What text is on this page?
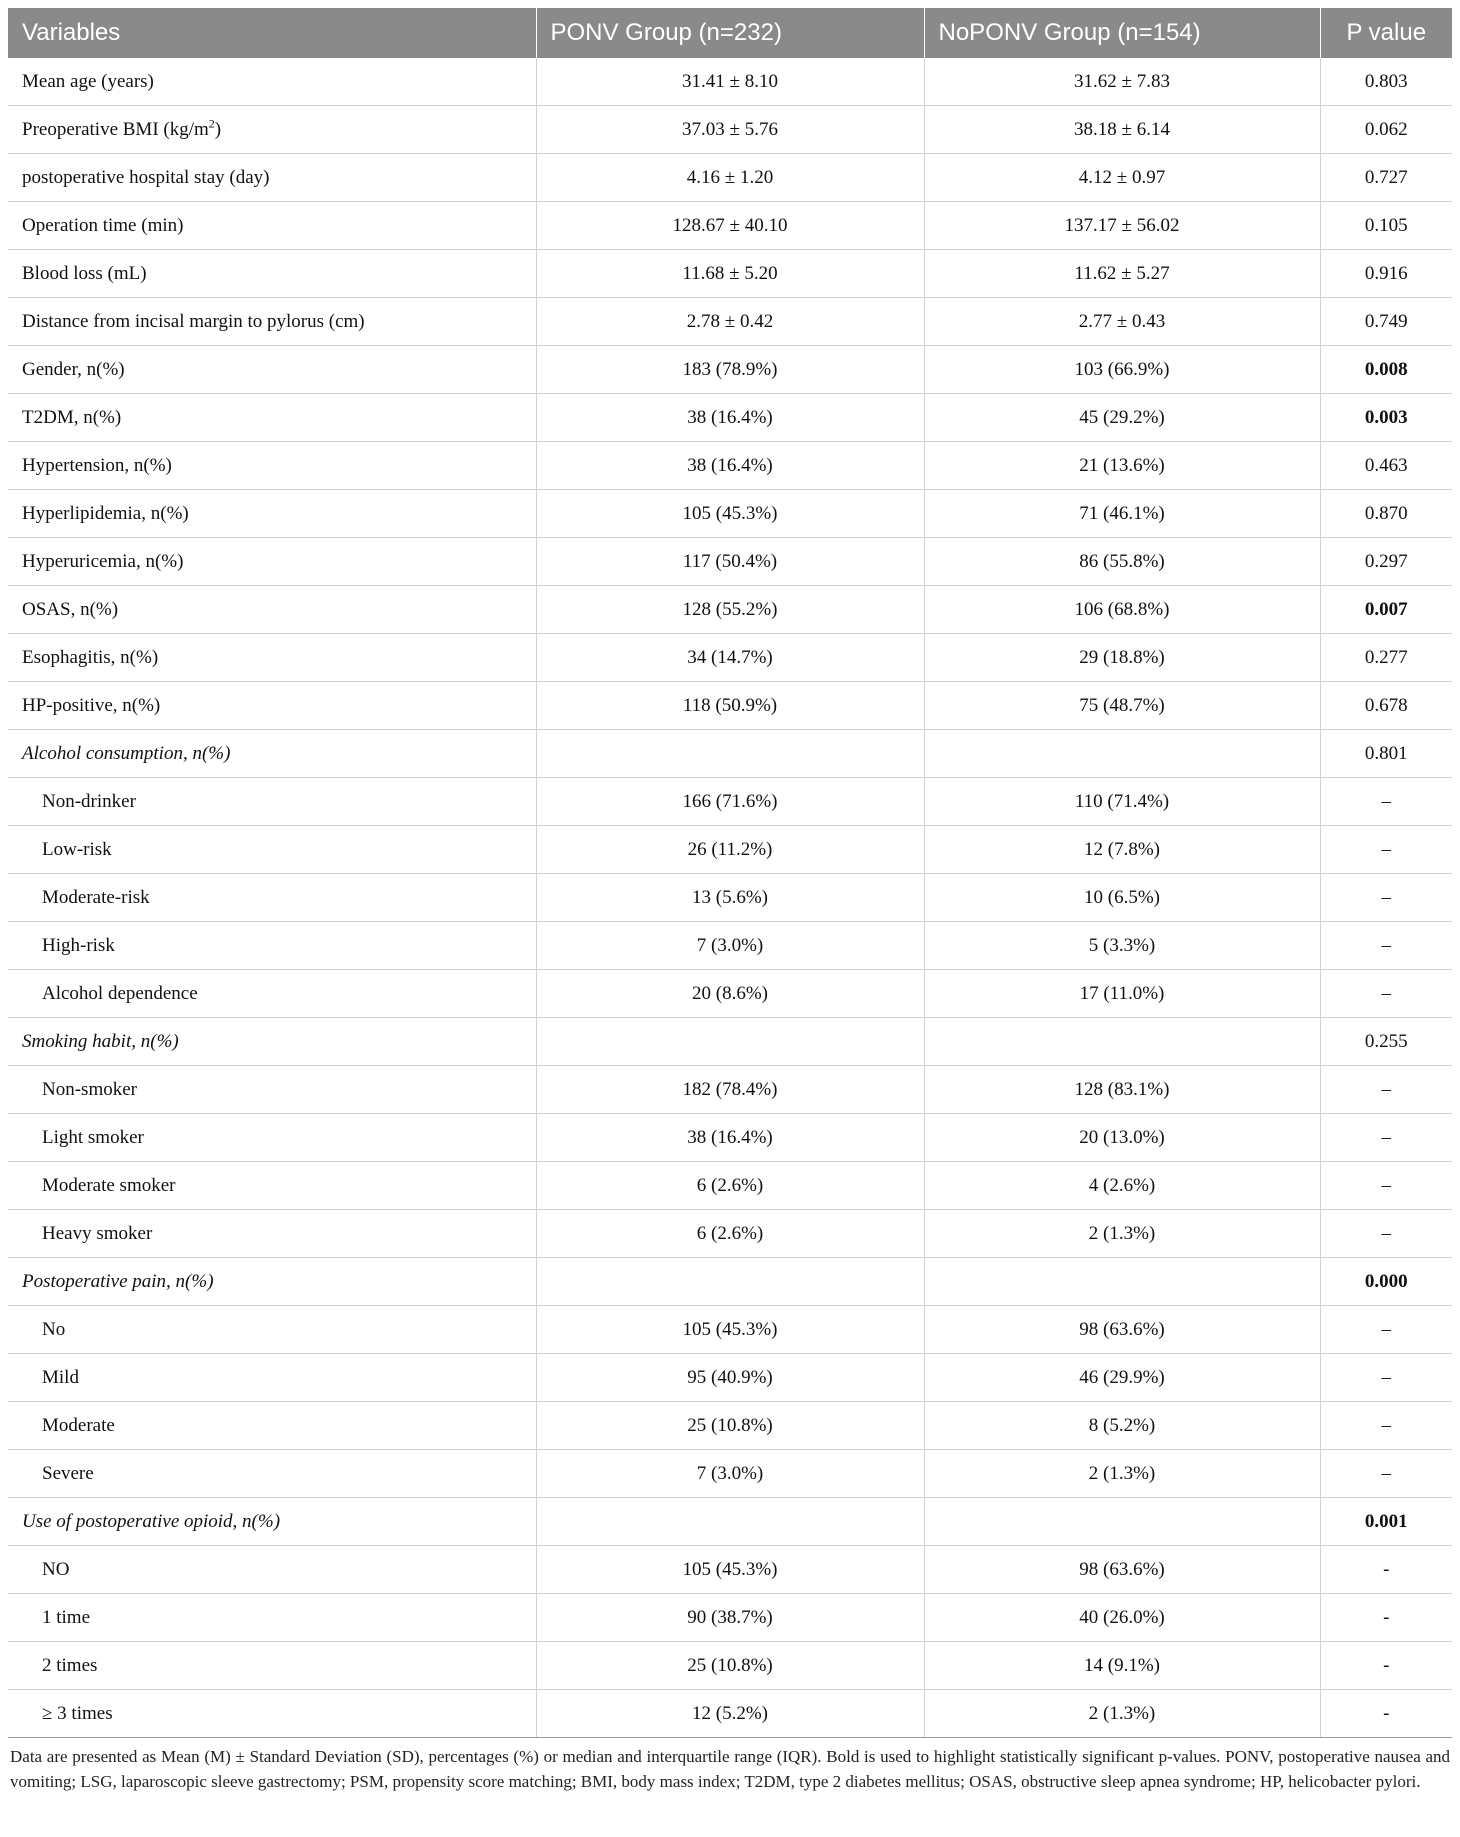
Variables	PONV Group (n=232)	NoPONV Group (n=154)	P value
Mean age (years)	31.41 ± 8.10	31.62 ± 7.83	0.803
Preoperative BMI $(kg/m^2)$	37.03 ± 5.76	38.18 ± 6.14	0.062
postoperative hospital stay (day)	4.16 ± 1.20	4.12 ± 0.97	0.727
Operation time (min)	128.67 ± 40.10	137.17 ± 56.02	0.105
Blood loss (mL)	11.68 ± 5.20	11.62 ± 5.27	0.916
Distance from incisal margin to pylorus (cm)	2.78 ± 0.42	2.77 ± 0.43	0.749
Gender, n(%)	183 (78.9%)	103 (66.9%)	0.008
T2DM, n(%)	38 (16.4%)	45 (29.2%)	0.003
Hypertension, n(%)	38 (16.4%)	21 (13.6%)	0.463
Hyperlipidemia, n(%)	105 (45.3%)	71 (46.1%)	0.870
Hyperuricemia, n(%)	117 (50.4%)	86 (55.8%)	0.297
OSAS, n(%)	128 (55.2%)	106 (68.8%)	0.007
Esophagitis, n(%)	34 (14.7%)	29 (18.8%)	0.277
HP-positive, n(%)	118 (50.9%)	75 (48.7%)	0.678
Alcohol consumption, n(%)			0.801
Non-drinker	166 (71.6%)	110 (71.4%)	–
Low-risk	26 (11.2%)	12 (7.8%)	–
Moderate-risk	13 (5.6%)	10 (6.5%)	–
High-risk	7 (3.0%)	5 (3.3%)	–
Alcohol dependence	20 (8.6%)	17 (11.0%)	–
Smoking habit, n(%)			0.255
Non-smoker	182 (78.4%)	128 (83.1%)	–
Light smoker	38 (16.4%)	20 (13.0%)	–
Moderate smoker	6 (2.6%)	4 (2.6%)	–
Heavy smoker	6 (2.6%)	2 (1.3%)	–
Postoperative pain, n(%)			0.000
No	105 (45.3%)	98 (63.6%)	–
Mild	95 (40.9%)	46 (29.9%)	–
Moderate	25 (10.8%)	8 (5.2%)	–
Severe	7 (3.0%)	2 (1.3%)	–
Use of postoperative opioid, n(%)			0.001
NO	105 (45.3%)	98 (63.6%)	-
1 time	90 (38.7%)	40 (26.0%)	-
2 times	25 (10.8%)	14 (9.1%)	-
≥ 3 times	12 (5.2%)	2 (1.3%)	-
Data are presented as Mean (M) ± Standard Deviation (SD), percentages (%) or median and interquartile range (IQR). Bold is used to highlight statistically significant p-values. PONV, postoperative nausea and vomiting; LSG, laparoscopic sleeve gastrectomy; PSM, propensity score matching; BMI, body mass index; T2DM, type 2 diabetes mellitus; OSAS, obstructive sleep apnea syndrome; HP, helicobacter pylori.
